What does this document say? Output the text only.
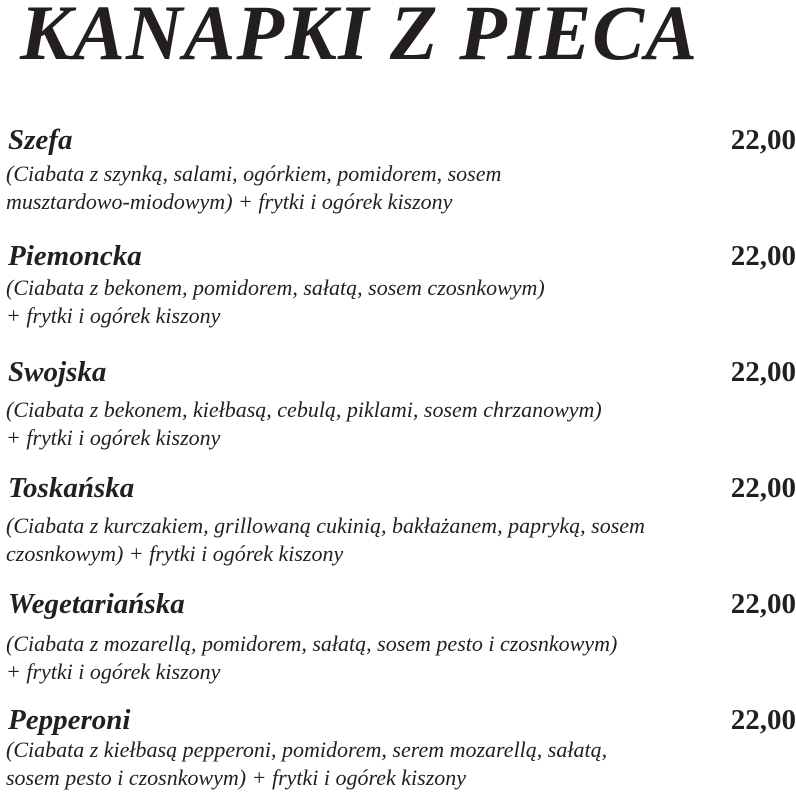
KANAPKI Z PIECA
Szefa	22,00
(Ciabata z szynką, salami, ogórkiem, pomidorem, sosem
musztardowo-miodowym) + frytki i ogórek kiszony
Piemoncka	22,00
(Ciabata z bekonem, pomidorem, sałatą, sosem czosnkowym)
+ frytki i ogórek kiszony
Swojska	22,00
(Ciabata z bekonem, kiełbasą, cebulą, piklami, sosem chrzanowym)
+ frytki i ogórek kiszony
Toskańska	22,00
(Ciabata z kurczakiem, grillowaną cukinią, bakłażanem, papryką, sosem
czosnkowym) + frytki i ogórek kiszony
Wegetariańska	22,00
(Ciabata z mozarellą, pomidorem, sałatą, sosem pesto i czosnkowym)
+ frytki i ogórek kiszony
Pepperoni	22,00
(Ciabata z kiełbasą pepperoni, pomidorem, serem mozarellą, sałatą,
sosem pesto i czosnkowym) + frytki i ogórek kiszony
